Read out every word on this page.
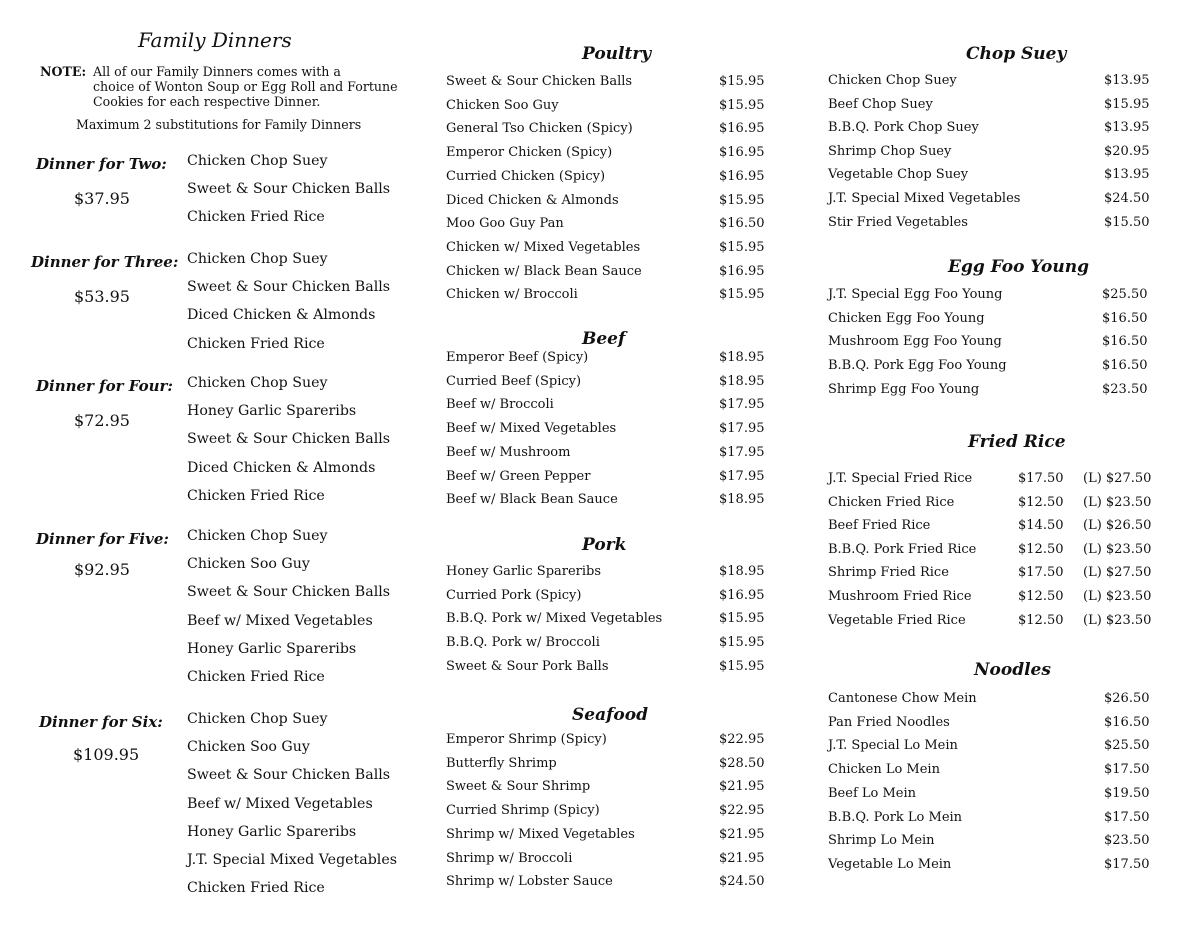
Family Dinners
NOTE: All of our Family Dinners comes with a
choice of Wonton Soup or Egg Roll and Fortune
Cookies for each respective Dinner.
Maximum 2 substitutions for Family Dinners
Dinner for Two:
$37.95
Chicken Chop Suey
Sweet & Sour Chicken Balls
Chicken Fried Rice
Dinner for Three:
$53.95
Chicken Chop Suey
Sweet & Sour Chicken Balls
Diced Chicken & Almonds
Chicken Fried Rice
Dinner for Four:
$72.95
Chicken Chop Suey
Honey Garlic Spareribs
Sweet & Sour Chicken Balls
Diced Chicken & Almonds
Chicken Fried Rice
Dinner for Five:
$92.95
Chicken Chop Suey
Chicken Soo Guy
Sweet & Sour Chicken Balls
Beef w/ Mixed Vegetables
Honey Garlic Spareribs
Chicken Fried Rice
Dinner for Six:
$109.95
Chicken Chop Suey
Chicken Soo Guy
Sweet & Sour Chicken Balls
Beef w/ Mixed Vegetables
Honey Garlic Spareribs
J.T. Special Mixed Vegetables
Chicken Fried Rice
Poultry
Sweet & Sour Chicken Balls	$15.95
Chicken Soo Guy	$15.95
General Tso Chicken (Spicy)	$16.95
Emperor Chicken (Spicy)	$16.95
Curried Chicken (Spicy)	$16.95
Diced Chicken & Almonds	$15.95
Moo Goo Guy Pan	$16.50
Chicken w/ Mixed Vegetables	$15.95
Chicken w/ Black Bean Sauce	$16.95
Chicken w/ Broccoli	$15.95
Beef
Emperor Beef (Spicy)	$18.95
Curried Beef (Spicy)	$18.95
Beef w/ Broccoli	$17.95
Beef w/ Mixed Vegetables	$17.95
Beef w/ Mushroom	$17.95
Beef w/ Green Pepper	$17.95
Beef w/ Black Bean Sauce	$18.95
Pork
Honey Garlic Spareribs	$18.95
Curried Pork (Spicy)	$16.95
B.B.Q. Pork w/ Mixed Vegetables	$15.95
B.B.Q. Pork w/ Broccoli	$15.95
Sweet & Sour Pork Balls	$15.95
Seafood
Emperor Shrimp (Spicy)	$22.95
Butterfly Shrimp	$28.50
Sweet & Sour Shrimp	$21.95
Curried Shrimp (Spicy)	$22.95
Shrimp w/ Mixed Vegetables	$21.95
Shrimp w/ Broccoli	$21.95
Shrimp w/ Lobster Sauce	$24.50
Chop Suey
Chicken Chop Suey	$13.95
Beef Chop Suey	$15.95
B.B.Q. Pork Chop Suey	$13.95
Shrimp Chop Suey	$20.95
Vegetable Chop Suey	$13.95
J.T. Special Mixed Vegetables	$24.50
Stir Fried Vegetables	$15.50
Egg Foo Young
J.T. Special Egg Foo Young	$25.50
Chicken Egg Foo Young	$16.50
Mushroom Egg Foo Young	$16.50
B.B.Q. Pork Egg Foo Young	$16.50
Shrimp Egg Foo Young	$23.50
Fried Rice
J.T. Special Fried Rice	$17.50 (L) $27.50
Chicken Fried Rice	$12.50 (L) $23.50
Beef Fried Rice	$14.50 (L) $26.50
B.B.Q. Pork Fried Rice	$12.50 (L) $23.50
Shrimp Fried Rice	$17.50 (L) $27.50
Mushroom Fried Rice	$12.50 (L) $23.50
Vegetable Fried Rice	$12.50 (L) $23.50
Noodles
Cantonese Chow Mein	$26.50
Pan Fried Noodles	$16.50
J.T. Special Lo Mein	$25.50
Chicken Lo Mein	$17.50
Beef Lo Mein	$19.50
B.B.Q. Pork Lo Mein	$17.50
Shrimp Lo Mein	$23.50
Vegetable Lo Mein	$17.50
